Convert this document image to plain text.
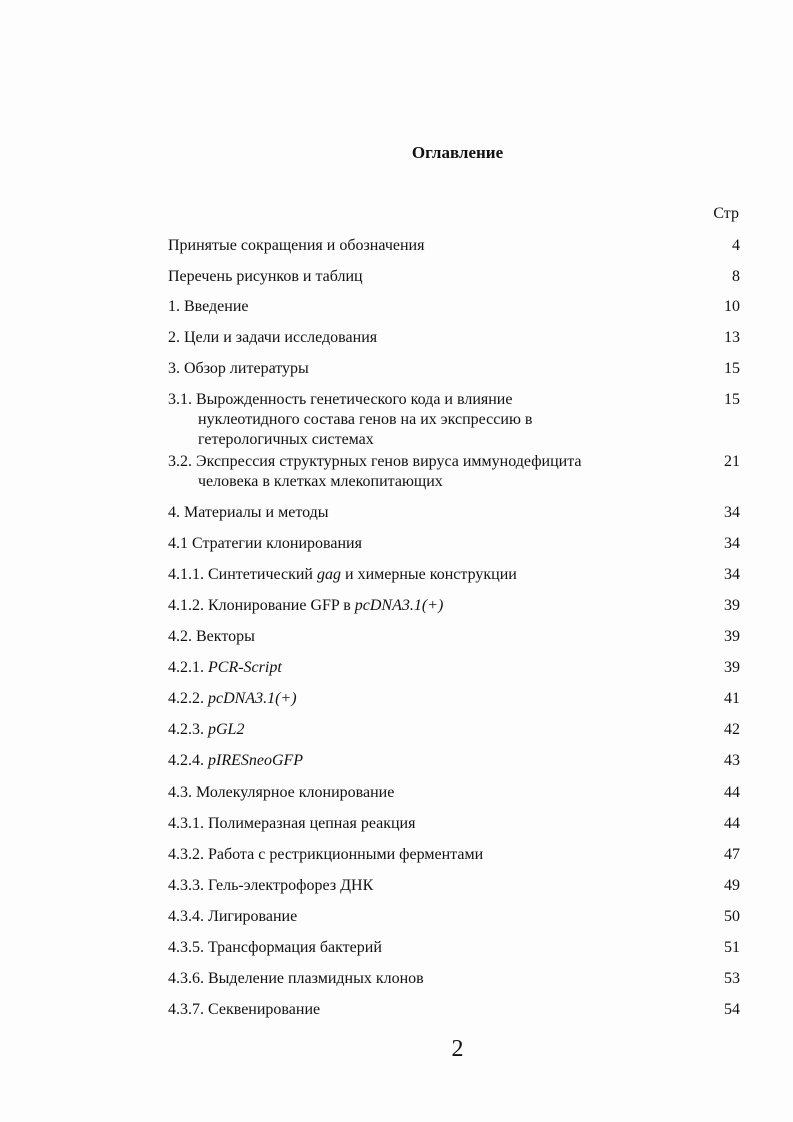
Оглавление
Стр
Принятые сокращения и обозначения	4
Перечень рисунков и таблиц	8
1. Введение	10
2. Цели и задачи исследования	13
3. Обзор литературы	15
3.1. Вырожденность генетического кода и влияние
нуклеотидного состава генов на их экспрессию в
гетерологичных системах
15
3.2. Экспрессия структурных генов вируса иммунодефицита
человека в клетках млекопитающих
21
4. Материалы и методы	34
4.1 Стратегии клонирования	34
4.1.1. Синтетический gag и химерные конструкции	34
4.1.2. Клонирование GFP в pcDNA3.1(+)	39
4.2. Векторы	39
4.2.1. PCR-Script	39
4.2.2. pcDNA3.1(+)	41
4.2.3. pGL2	42
4.2.4. pIRESneoGFP	43
4.3. Молекулярное клонирование	44
4.3.1. Полимеразная цепная реакция	44
4.3.2. Работа с рестрикционными ферментами	47
4.3.3. Гель-электрофорез ДНК	49
4.3.4. Лигирование	50
4.3.5. Трансформация бактерий	51
4.3.6. Выделение плазмидных клонов	53
4.3.7. Секвенирование	54
2
